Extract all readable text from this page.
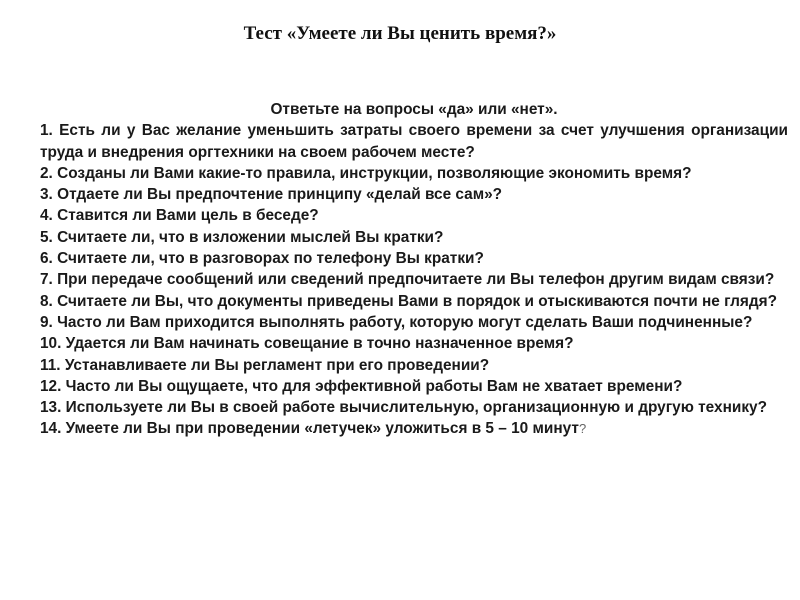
Тест «Умеете ли Вы ценить время?»

Ответьте на вопросы «да» или «нет».

1. Есть ли у Вас желание уменьшить затраты своего времени за счет улучшения организации труда и внедрения оргтехники на своем рабочем месте?
2. Созданы ли Вами какие-то правила, инструкции, позволяющие экономить время?
3. Отдаете ли Вы предпочтение принципу «делай все сам»?
4. Ставится ли Вами цель в беседе?
5. Считаете ли, что в изложении мыслей Вы кратки?
6. Считаете ли, что в разговорах по телефону Вы кратки?
7. При передаче сообщений или сведений предпочитаете ли Вы телефон другим видам связи?
8. Считаете ли Вы, что документы приведены Вами в порядок и отыскиваются почти не глядя?
9. Часто ли Вам приходится выполнять работу, которую могут сделать Ваши подчиненные?
10. Удается ли Вам начинать совещание в точно назначенное время?
11. Устанавливаете ли Вы регламент при его проведении?
12. Часто ли Вы ощущаете, что для эффективной работы Вам не хватает времени?
13. Используете ли Вы в своей работе вычислительную, организационную и другую технику?
14. Умеете ли Вы при проведении «летучек» уложиться в 5 – 10 минут?
